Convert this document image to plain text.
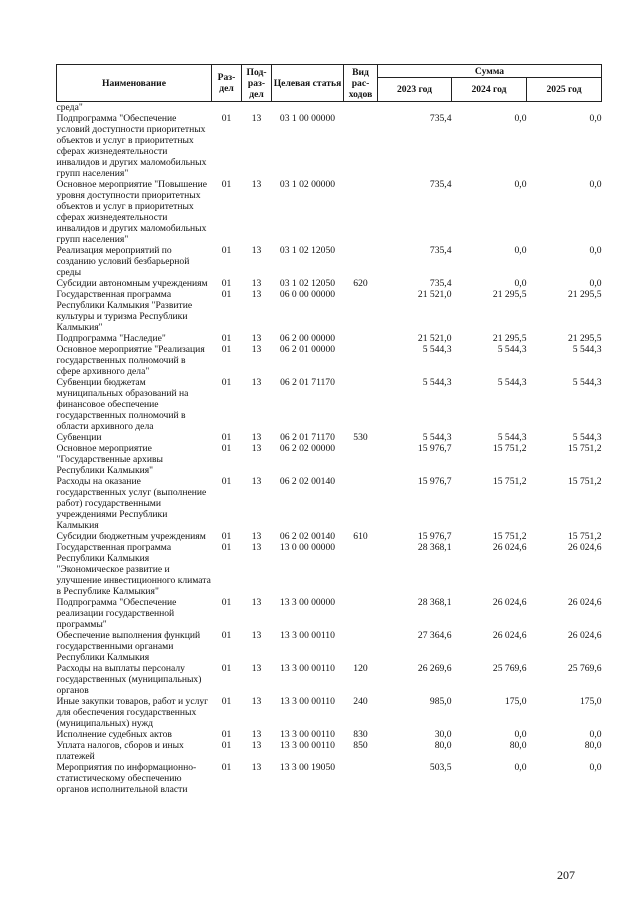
Наименование	Раз-дел	Под-раз-дел	Целевая статья	Вид рас-ходов	Сумма		
					2023 год	2024 год	2025 год
среда"							
Подпрограмма "Обеспечение условий доступности приоритетных объектов и услуг в приоритетных сферах жизнедеятельности инвалидов и других маломобильных групп населения"	01	13	03 1 00 00000		735,4	0,0	0,0
Основное мероприятие "Повышение уровня доступности приоритетных объектов и услуг в приоритетных сферах жизнедеятельности инвалидов и других маломобильных групп населения"	01	13	03 1 02 00000		735,4	0,0	0,0
Реализация мероприятий по созданию условий безбарьерной среды	01	13	03 1 02 12050		735,4	0,0	0,0
Субсидии автономным учреждениям	01	13	03 1 02 12050	620	735,4	0,0	0,0
Государственная программа Республики Калмыкия "Развитие культуры и туризма Республики Калмыкия"	01	13	06 0 00 00000		21 521,0	21 295,5	21 295,5
Подпрограмма "Наследие"	01	13	06 2 00 00000		21 521,0	21 295,5	21 295,5
Основное мероприятие "Реализация государственных полномочий в сфере архивного дела"	01	13	06 2 01 00000		5 544,3	5 544,3	5 544,3
Субвенции бюджетам муниципальных образований на финансовое обеспечение государственных полномочий в области архивного дела	01	13	06 2 01 71170		5 544,3	5 544,3	5 544,3
Субвенции	01	13	06 2 01 71170	530	5 544,3	5 544,3	5 544,3
Основное мероприятие "Государственные архивы Республики Калмыкия"	01	13	06 2 02 00000		15 976,7	15 751,2	15 751,2
Расходы на оказание государственных услуг (выполнение работ) государственными учреждениями Республики Калмыкия	01	13	06 2 02 00140		15 976,7	15 751,2	15 751,2
Субсидии бюджетным учреждениям	01	13	06 2 02 00140	610	15 976,7	15 751,2	15 751,2
Государственная программа Республики Калмыкия "Экономическое развитие и улучшение инвестиционного климата в Республике Калмыкия"	01	13	13 0 00 00000		28 368,1	26 024,6	26 024,6
Подпрограмма "Обеспечение реализации государственной программы"	01	13	13 3 00 00000		28 368,1	26 024,6	26 024,6
Обеспечение выполнения функций государственными органами Республики Калмыкия	01	13	13 3 00 00110		27 364,6	26 024,6	26 024,6
Расходы на выплаты персоналу государственных (муниципальных) органов	01	13	13 3 00 00110	120	26 269,6	25 769,6	25 769,6
Иные закупки товаров, работ и услуг для обеспечения государственных (муниципальных) нужд	01	13	13 3 00 00110	240	985,0	175,0	175,0
Исполнение судебных актов	01	13	13 3 00 00110	830	30,0	0,0	0,0
Уплата налогов, сборов и иных платежей	01	13	13 3 00 00110	850	80,0	80,0	80,0
Мероприятия по информационно-статистическому обеспечению органов исполнительной власти	01	13	13 3 00 19050		503,5	0,0	0,0
207
